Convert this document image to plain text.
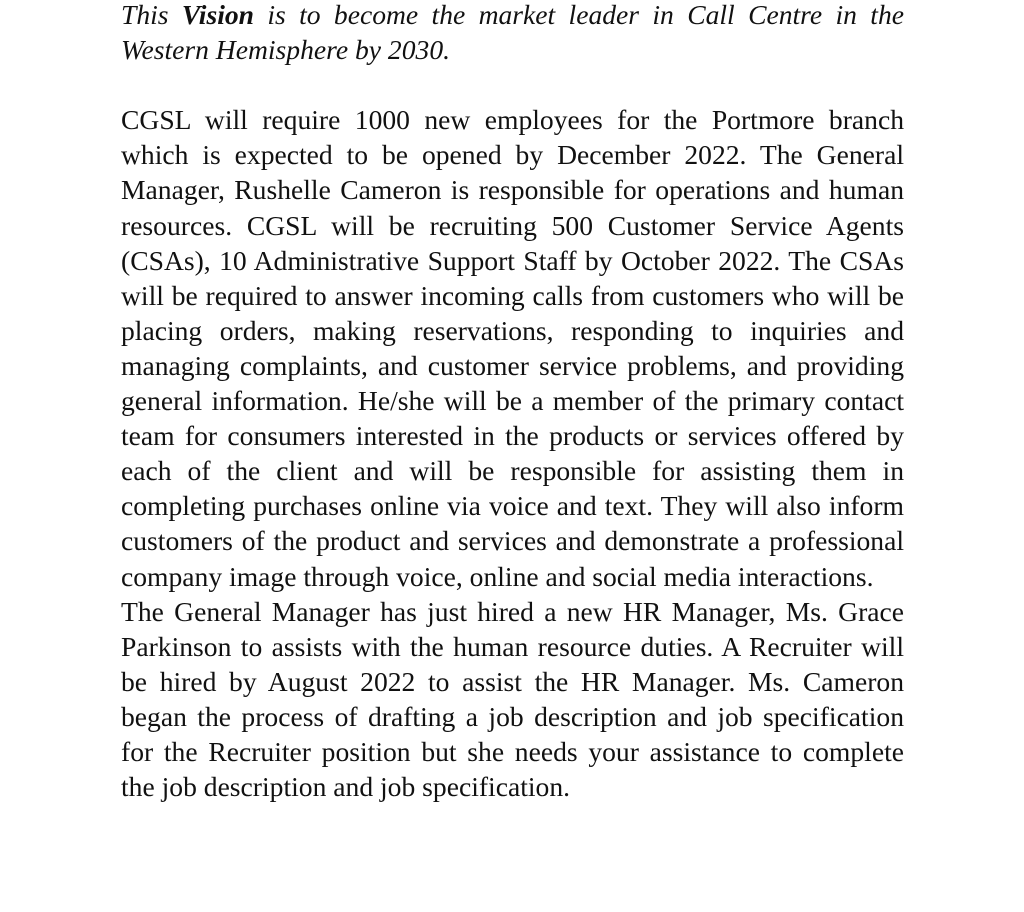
This Vision is to become the market leader in Call Centre in the Western Hemisphere by 2030.

CGSL will require 1000 new employees for the Portmore branch which is expected to be opened by December 2022. The General Manager, Rushelle Cameron is responsible for operations and human resources. CGSL will be recruiting 500 Customer Service Agents (CSAs), 10 Administrative Support Staff by October 2022. The CSAs will be required to answer incoming calls from customers who will be placing orders, making reservations, responding to inquiries and managing complaints, and customer service problems, and providing general information. He/she will be a member of the primary contact team for consumers interested in the products or services offered by each of the client and will be responsible for assisting them in completing purchases online via voice and text. They will also inform customers of the product and services and demonstrate a professional company image through voice, online and social media interactions.

The General Manager has just hired a new HR Manager, Ms. Grace Parkinson to assists with the human resource duties. A Recruiter will be hired by August 2022 to assist the HR Manager. Ms. Cameron began the process of drafting a job description and job specification for the Recruiter position but she needs your assistance to complete the job description and job specification.
